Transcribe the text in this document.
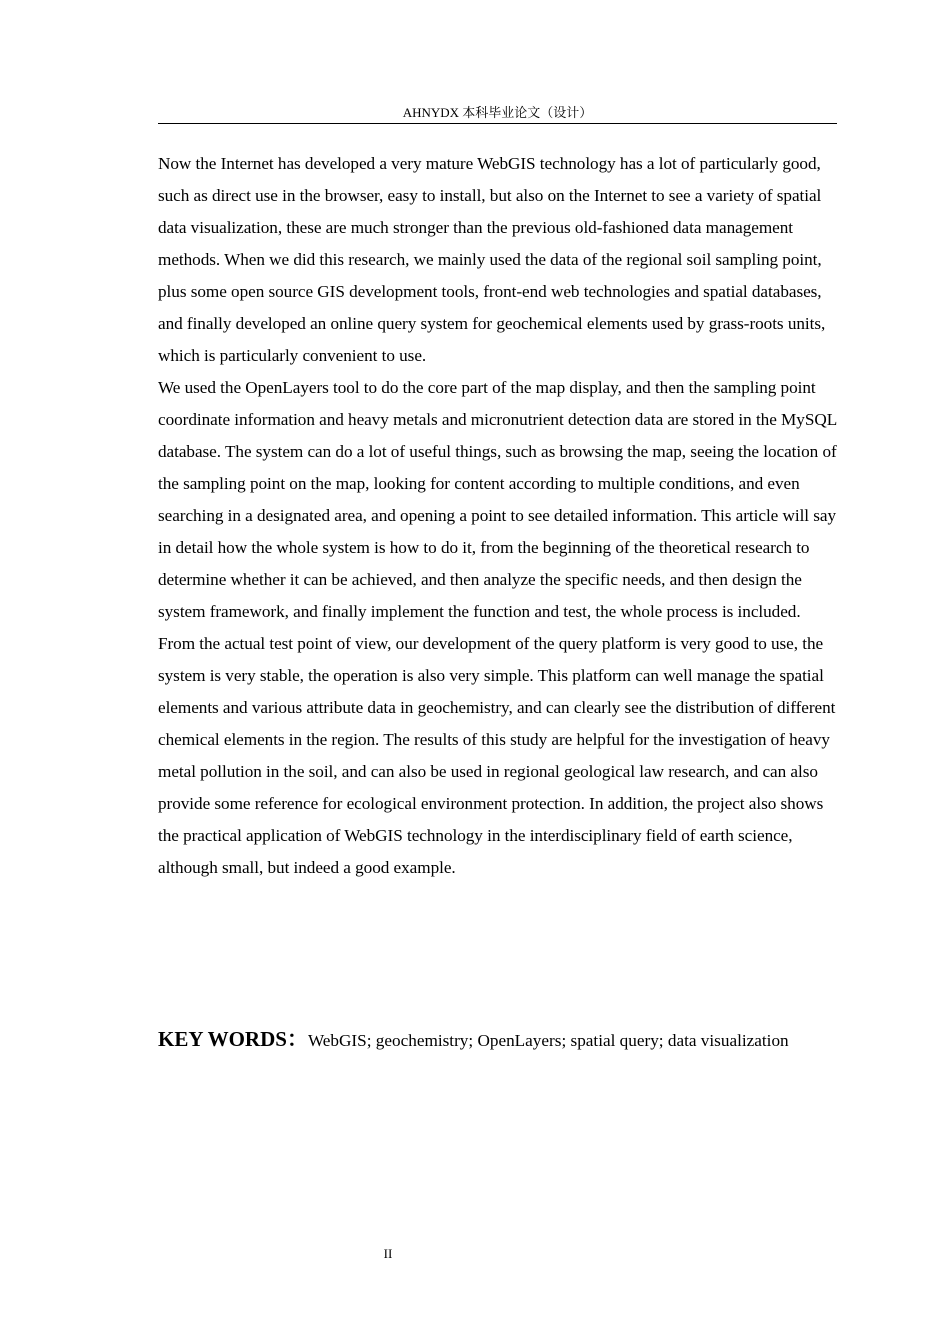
AHNYDX 本科毕业论文（设计）

Now the Internet has developed a very mature WebGIS technology has a lot of particularly good, such as direct use in the browser, easy to install, but also on the Internet to see a variety of spatial data visualization, these are much stronger than the previous old-fashioned data management methods. When we did this research, we mainly used the data of the regional soil sampling point, plus some open source GIS development tools, front-end web technologies and spatial databases, and finally developed an online query system for geochemical elements used by grass-roots units, which is particularly convenient to use.

We used the OpenLayers tool to do the core part of the map display, and then the sampling point coordinate information and heavy metals and micronutrient detection data are stored in the MySQL database. The system can do a lot of useful things, such as browsing the map, seeing the location of the sampling point on the map, looking for content according to multiple conditions, and even searching in a designated area, and opening a point to see detailed information. This article will say in detail how the whole system is how to do it, from the beginning of the theoretical research to determine whether it can be achieved, and then analyze the specific needs, and then design the system framework, and finally implement the function and test, the whole process is included.

From the actual test point of view, our development of the query platform is very good to use, the system is very stable, the operation is also very simple. This platform can well manage the spatial elements and various attribute data in geochemistry, and can clearly see the distribution of different chemical elements in the region. The results of this study are helpful for the investigation of heavy metal pollution in the soil, and can also be used in regional geological law research, and can also provide some reference for ecological environment protection. In addition, the project also shows the practical application of WebGIS technology in the interdisciplinary field of earth science, although small, but indeed a good example.

KEY WORDS：WebGIS; geochemistry; OpenLayers; spatial query; data visualization
II
